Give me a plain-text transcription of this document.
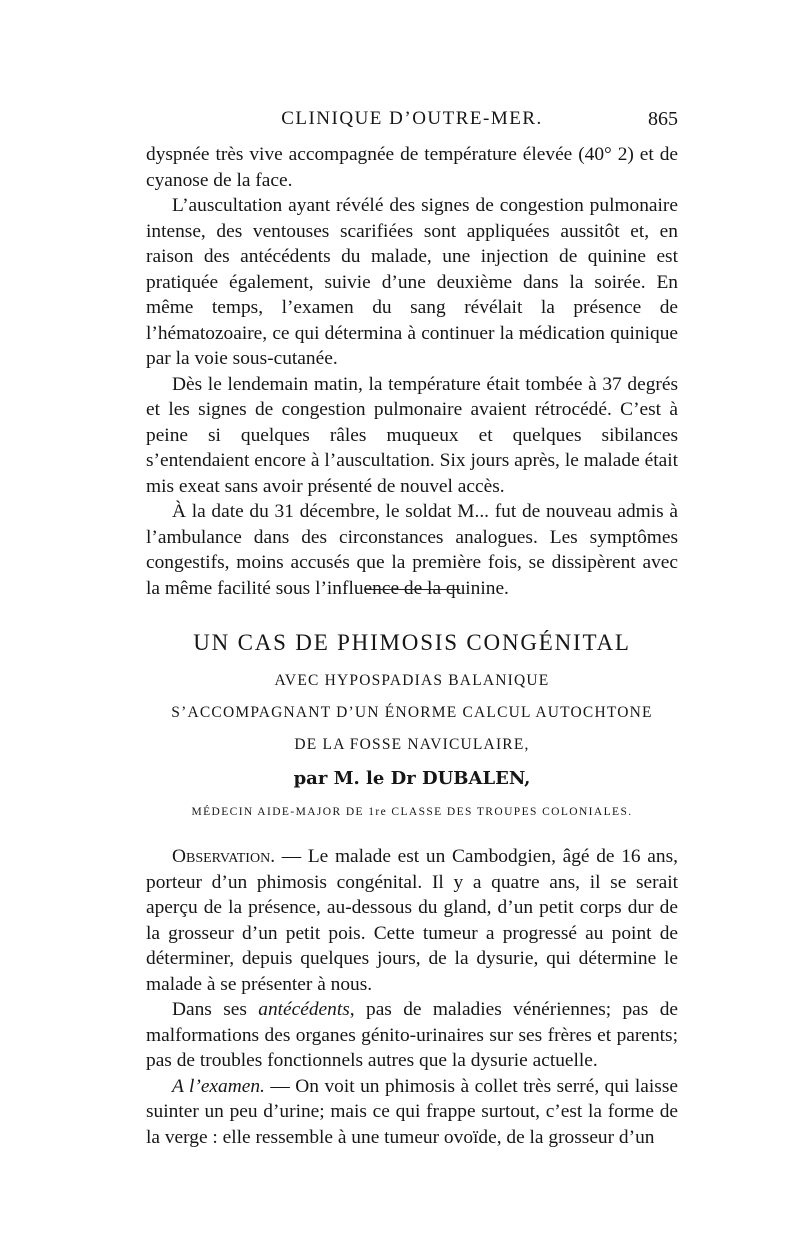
CLINIQUE D’OUTRE-MER.	865

dyspnée très vive accompagnée de température élevée (40° 2) et de cyanose de la face.

L’auscultation ayant révélé des signes de congestion pulmonaire intense, des ventouses scarifiées sont appliquées aussitôt et, en raison des antécédents du malade, une injection de quinine est pratiquée également, suivie d’une deuxième dans la soirée. En même temps, l’examen du sang révélait la présence de l’hématozoaire, ce qui détermina à continuer la médication quinique par la voie sous-cutanée.

Dès le lendemain matin, la température était tombée à 37 degrés et les signes de congestion pulmonaire avaient rétrocédé. C’est à peine si quelques râles muqueux et quelques sibilances s’entendaient encore à l’auscultation. Six jours après, le malade était mis exeat sans avoir présenté de nouvel accès.

À la date du 31 décembre, le soldat M... fut de nouveau admis à l’ambulance dans des circonstances analogues. Les symptômes congestifs, moins accusés que la première fois, se dissipèrent avec la même facilité sous l’influence de la quinine.

UN CAS DE PHIMOSIS CONGÉNITAL
AVEC HYPOSPADIAS BALANIQUE
S’ACCOMPAGNANT D’UN ÉNORME CALCUL AUTOCHTONE
DE LA FOSSE NAVICULAIRE,
par M. le Dr DUBALEN,
MÉDECIN AIDE-MAJOR DE 1re CLASSE DES TROUPES COLONIALES.

Observation. — Le malade est un Cambodgien, âgé de 16 ans, porteur d’un phimosis congénital. Il y a quatre ans, il se serait aperçu de la présence, au-dessous du gland, d’un petit corps dur de la grosseur d’un petit pois. Cette tumeur a progressé au point de déterminer, depuis quelques jours, de la dysurie, qui détermine le malade à se présenter à nous.

Dans ses antécédents, pas de maladies vénériennes; pas de malformations des organes génito-urinaires sur ses frères et parents; pas de troubles fonctionnels autres que la dysurie actuelle.

A l’examen. — On voit un phimosis à collet très serré, qui laisse suinter un peu d’urine; mais ce qui frappe surtout, c’est la forme de la verge : elle ressemble à une tumeur ovoïde, de la grosseur d’un
